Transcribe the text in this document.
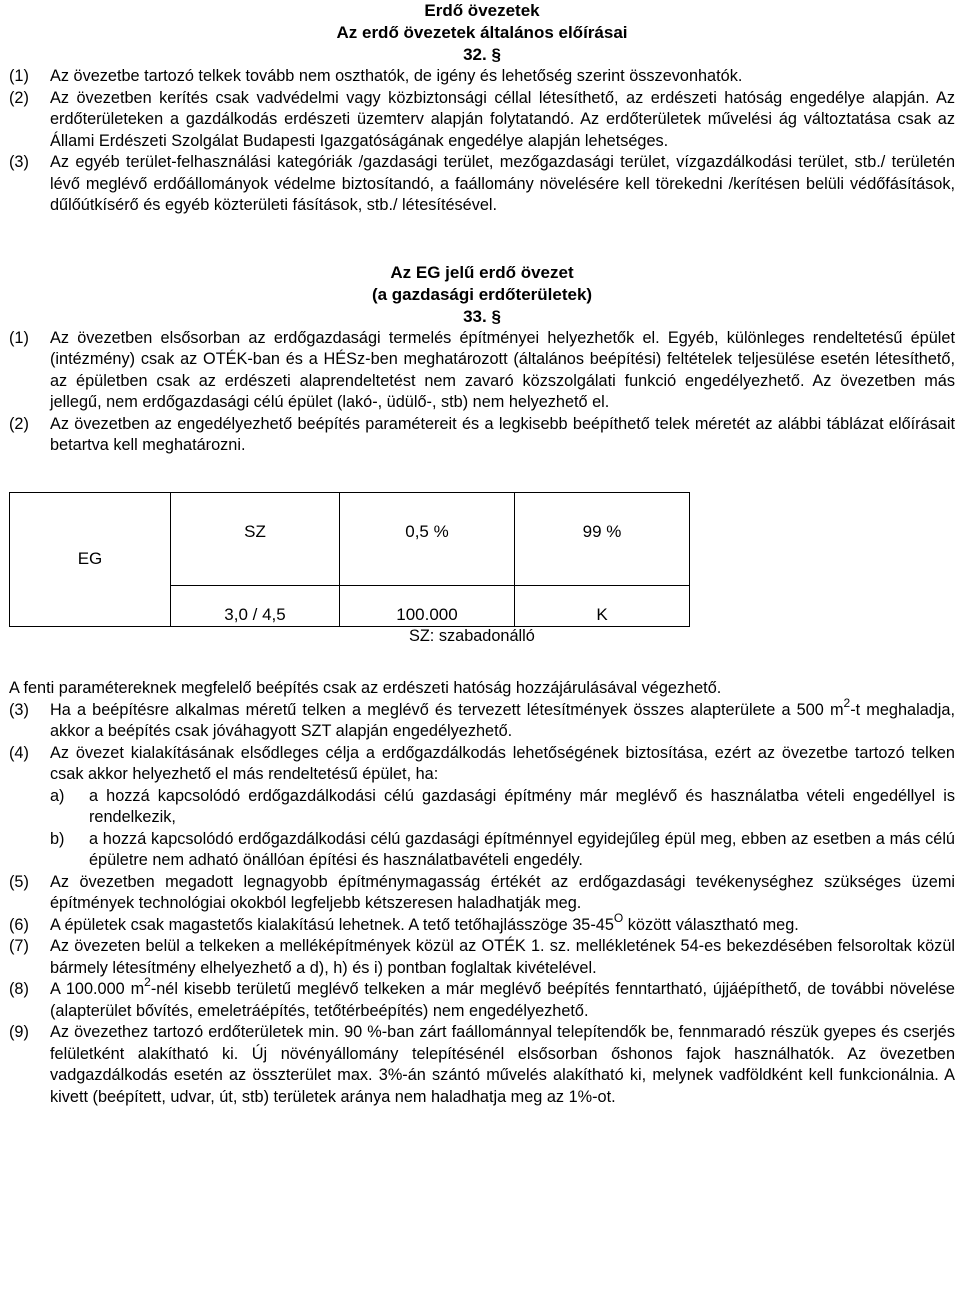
Erdő övezetek
Az erdő övezetek általános előírásai
32. §
(1)	Az övezetbe tartozó telkek tovább nem oszthatók, de igény és lehetőség szerint összevonhatók.
(2)	Az övezetben kerítés csak vadvédelmi vagy közbiztonsági céllal létesíthető, az erdészeti hatóság engedélye alapján. Az erdőterületeken a gazdálkodás erdészeti üzemterv alapján folytatandó. Az erdőterületek művelési ág változtatása csak az Állami Erdészeti Szolgálat Budapesti Igazgatóságának engedélye alapján lehetséges.
(3)	Az egyéb terület-felhasználási kategóriák /gazdasági terület, mezőgazdasági terület, vízgazdálkodási terület, stb./ területén lévő meglévő erdőállományok védelme biztosítandó, a faállomány növelésére kell törekedni /kerítésen belüli védőfásítások, dűlőútkísérő és egyéb közterületi fásítások, stb./ létesítésével.
Az EG jelű erdő övezet
(a gazdasági erdőterületek)
33. §
(1)	Az övezetben elsősorban az erdőgazdasági termelés építményei helyezhetők el. Egyéb, különleges rendeltetésű épület (intézmény) csak az OTÉK-ban és a HÉSz-ben meghatározott (általános beépítési) feltételek teljesülése esetén létesíthető, az épületben csak az erdészeti alaprendeltetést nem zavaró közszolgálati funkció engedélyezhető. Az övezetben más jellegű, nem erdőgazdasági célú épület (lakó-, üdülő-, stb) nem helyezhető el.
(2)	Az övezetben az engedélyezhető beépítés paramétereit és a legkisebb beépíthető telek méretét az alábbi táblázat előírásait betartva kell meghatározni.
EG	SZ	0,5 %	99 %
	3,0 / 4,5	100.000	K
SZ: szabadonálló
A fenti paramétereknek megfelelő beépítés csak az erdészeti hatóság hozzájárulásával végezhető.
(3)	Ha a beépítésre alkalmas méretű telken a meglévő és tervezett létesítmények összes alapterülete a 500 $m^2-t$ meghaladja, akkor a beépítés csak jóváhagyott SZT alapján engedélyezhető.
(4)	Az övezet kialakításának elsődleges célja a erdőgazdálkodás lehetőségének biztosítása, ezért az övezetbe tartozó telken csak akkor helyezhető el más rendeltetésű épület, ha:
a)	a hozzá kapcsolódó erdőgazdálkodási célú gazdasági építmény már meglévő és használatba vételi engedéllyel is rendelkezik,
b)	a hozzá kapcsolódó erdőgazdálkodási célú gazdasági építménnyel egyidejűleg épül meg, ebben az esetben a más célú épületre nem adható önállóan építési és használatbavételi engedély.
(5)	Az övezetben megadott legnagyobb építménymagasság értékét az erdőgazdasági tevékenységhez szükséges üzemi építmények technológiai okokból legfeljebb kétszeresen haladhatják meg.
(6)	A épületek csak magastetős kialakítású lehetnek. A tető tetőhajlásszöge $35-45^O$ között választható meg.
(7)	Az övezeten belül a telkeken a melléképítmények közül az OTÉK 1. sz. mellékletének 54-es bekezdésében felsoroltak közül bármely létesítmény elhelyezhető a d), h) és i) pontban foglaltak kivételével.
(8)	A 100.000 $m^2$-nél kisebb területű meglévő telkeken a már meglévő beépítés fenntartható, újjáépíthető, de további növelése (alapterület bővítés, emeletráépítés, tetőtérbeépítés) nem engedélyezhető.
(9)	Az övezethez tartozó erdőterületek min. 90 %-ban zárt faállománnyal telepítendők be, fennmaradó részük gyepes és cserjés felületként alakítható ki. Új növényállomány telepítésénél elsősorban őshonos fajok használhatók. Az övezetben vadgazdálkodás esetén az összterület max. 3%-án szántó művelés alakítható ki, melynek vadföldként kell funkcionálnia. A kivett (beépített, udvar, út, stb) területek aránya nem haladhatja meg az 1%-ot.
